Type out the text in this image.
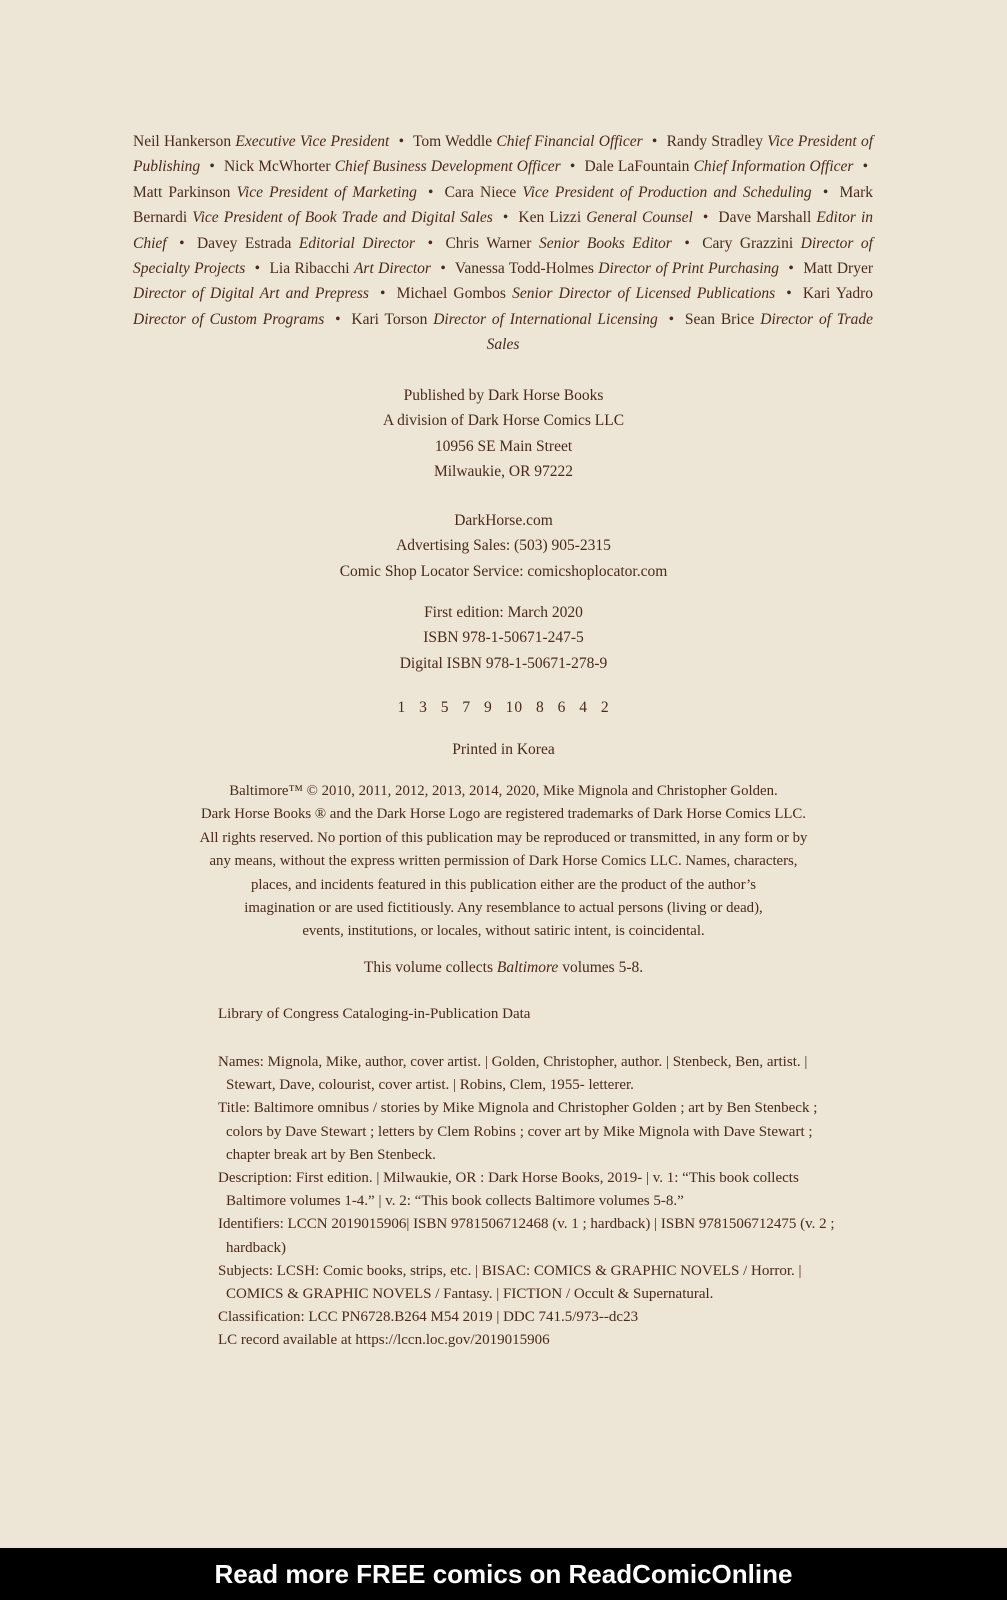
Neil Hankerson Executive Vice President • Tom Weddle Chief Financial Officer • Randy Stradley Vice President of Publishing • Nick McWhorter Chief Business Development Officer • Dale LaFountain Chief Information Officer • Matt Parkinson Vice President of Marketing • Cara Niece Vice President of Production and Scheduling • Mark Bernardi Vice President of Book Trade and Digital Sales • Ken Lizzi General Counsel • Dave Marshall Editor in Chief • Davey Estrada Editorial Director • Chris Warner Senior Books Editor • Cary Grazzini Director of Specialty Projects • Lia Ribacchi Art Director • Vanessa Todd-Holmes Director of Print Purchasing • Matt Dryer Director of Digital Art and Prepress • Michael Gombos Senior Director of Licensed Publications • Kari Yadro Director of Custom Programs • Kari Torson Director of International Licensing • Sean Brice Director of Trade Sales
Published by Dark Horse Books
A division of Dark Horse Comics LLC
10956 SE Main Street
Milwaukie, OR 97222
DarkHorse.com
Advertising Sales: (503) 905-2315
Comic Shop Locator Service: comicshoplocator.com
First edition: March 2020
ISBN 978-1-50671-247-5
Digital ISBN 978-1-50671-278-9
1 3 5 7 9 10 8 6 4 2
Printed in Korea
Baltimore™ © 2010, 2011, 2012, 2013, 2014, 2020, Mike Mignola and Christopher Golden.
Dark Horse Books ® and the Dark Horse Logo are registered trademarks of Dark Horse Comics LLC.
All rights reserved. No portion of this publication may be reproduced or transmitted, in any form or by
any means, without the express written permission of Dark Horse Comics LLC. Names, characters,
places, and incidents featured in this publication either are the product of the author’s
imagination or are used fictitiously. Any resemblance to actual persons (living or dead),
events, institutions, or locales, without satiric intent, is coincidental.
This volume collects Baltimore volumes 5-8.
Library of Congress Cataloging-in-Publication Data

Names: Mignola, Mike, author, cover artist. | Golden, Christopher, author. | Stenbeck, Ben, artist. | Stewart, Dave, colourist, cover artist. | Robins, Clem, 1955- letterer.

Title: Baltimore omnibus / stories by Mike Mignola and Christopher Golden ; art by Ben Stenbeck ; colors by Dave Stewart ; letters by Clem Robins ; cover art by Mike Mignola with Dave Stewart ; chapter break art by Ben Stenbeck.

Description: First edition. | Milwaukie, OR : Dark Horse Books, 2019- | v. 1: “This book collects Baltimore volumes 1-4.” | v. 2: “This book collects Baltimore volumes 5-8.”

Identifiers: LCCN 2019015906| ISBN 9781506712468 (v. 1 ; hardback) | ISBN 9781506712475 (v. 2 ; hardback)

Subjects: LCSH: Comic books, strips, etc. | BISAC: COMICS & GRAPHIC NOVELS / Horror. | COMICS & GRAPHIC NOVELS / Fantasy. | FICTION / Occult & Supernatural.

Classification: LCC PN6728.B264 M54 2019 | DDC 741.5/973--dc23

LC record available at https://lccn.loc.gov/2019015906

Read more FREE comics on ReadComicOnline
